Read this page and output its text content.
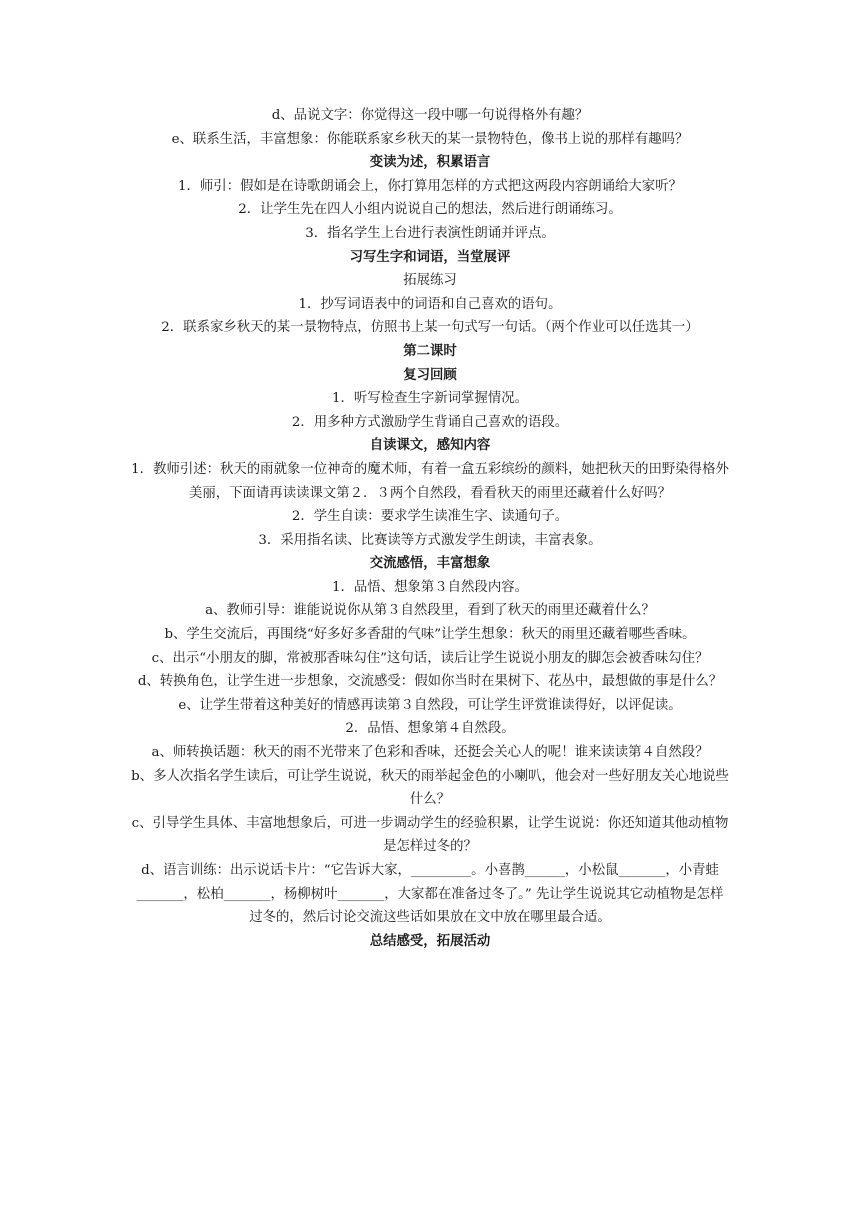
d、品说文字：你觉得这一段中哪一句说得格外有趣？

e、联系生活，丰富想象：你能联系家乡秋天的某一景物特色，像书上说的那样有趣吗？

变读为述，积累语言

1．师引：假如是在诗歌朗诵会上，你打算用怎样的方式把这两段内容朗诵给大家听？

2．让学生先在四人小组内说说自己的想法，然后进行朗诵练习。

3．指名学生上台进行表演性朗诵并评点。

习写生字和词语，当堂展评

拓展练习

1．抄写词语表中的词语和自己喜欢的语句。

2．联系家乡秋天的某一景物特点，仿照书上某一句式写一句话。（两个作业可以任选其一）

第二课时

复习回顾

1．听写检查生字新词掌握情况。

2．用多种方式激励学生背诵自己喜欢的语段。

自读课文，感知内容

1．教师引述：秋天的雨就象一位神奇的魔术师，有着一盒五彩缤纷的颜料，她把秋天的田野染得格外美丽，下面请再读读课文第２．３两个自然段，看看秋天的雨里还藏着什么好吗？

2．学生自读：要求学生读准生字、读通句子。

3．采用指名读、比赛读等方式激发学生朗读，丰富表象。

交流感悟，丰富想象

1．品悟、想象第３自然段内容。

a、教师引导：谁能说说你从第３自然段里，看到了秋天的雨里还藏着什么？

b、学生交流后，再围绕“好多好多香甜的气味”让学生想象：秋天的雨里还藏着哪些香味。

c、出示“小朋友的脚，常被那香味勾住”这句话，读后让学生说说小朋友的脚怎会被香味勾住？

d、转换角色，让学生进一步想象，交流感受：假如你当时在果树下、花丛中，最想做的事是什么？

e、让学生带着这种美好的情感再读第３自然段，可让学生评赏谁读得好，以评促读。

2．品悟、想象第４自然段。

a、师转换话题：秋天的雨不光带来了色彩和香味，还挺会关心人的呢！谁来读读第４自然段？

b、多人次指名学生读后，可让学生说说，秋天的雨举起金色的小喇叭，他会对一些好朋友关心地说些什么？

c、引导学生具体、丰富地想象后，可进一步调动学生的经验积累，让学生说说：你还知道其他动植物是怎样过冬的？

d、语言训练：出示说话卡片：“它告诉大家，_________。小喜鹊______，小松鼠_______，小青蛙_______，松柏_______，杨柳树叶_______，大家都在准备过冬了。” 先让学生说说其它动植物是怎样过冬的，然后讨论交流这些话如果放在文中放在哪里最合适。

总结感受，拓展活动
